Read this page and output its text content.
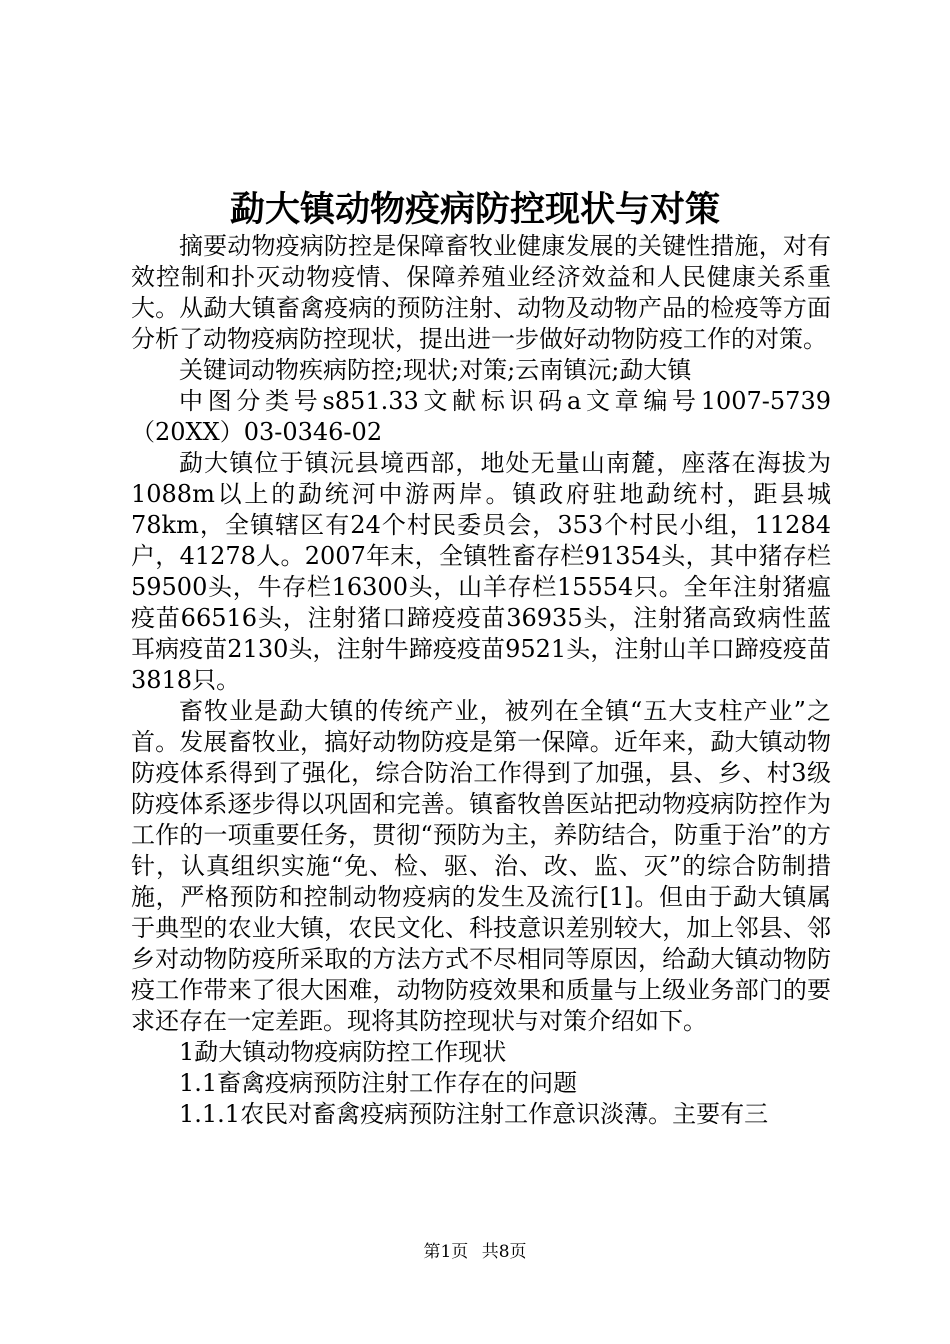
勐大镇动物疫病防控现状与对策

摘要动物疫病防控是保障畜牧业健康发展的关键性措施，对有效控制和扑灭动物疫情、保障养殖业经济效益和人民健康关系重大。从勐大镇畜禽疫病的预防注射、动物及动物产品的检疫等方面分析了动物疫病防控现状，提出进一步做好动物防疫工作的对策。

关键词动物疾病防控;现状;对策;云南镇沅;勐大镇

中图分类号s851.33文献标识码a文章编号1007-5739（20XX）03-0346-02

勐大镇位于镇沅县境西部，地处无量山南麓，座落在海拔为1088m以上的勐统河中游两岸。镇政府驻地勐统村，距县城78km，全镇辖区有24个村民委员会，353个村民小组，11284户，41278人。2007年末，全镇牲畜存栏91354头，其中猪存栏59500头，牛存栏16300头，山羊存栏15554只。全年注射猪瘟疫苗66516头，注射猪口蹄疫疫苗36935头，注射猪高致病性蓝耳病疫苗2130头，注射牛蹄疫疫苗9521头，注射山羊口蹄疫疫苗3818只。

畜牧业是勐大镇的传统产业，被列在全镇“五大支柱产业”之首。发展畜牧业，搞好动物防疫是第一保障。近年来，勐大镇动物防疫体系得到了强化，综合防治工作得到了加强，县、乡、村3级防疫体系逐步得以巩固和完善。镇畜牧兽医站把动物疫病防控作为工作的一项重要任务，贯彻“预防为主，养防结合，防重于治”的方针，认真组织实施“免、检、驱、治、改、监、灭”的综合防制措施，严格预防和控制动物疫病的发生及流行[1]。但由于勐大镇属于典型的农业大镇，农民文化、科技意识差别较大，加上邻县、邻乡对动物防疫所采取的方法方式不尽相同等原因，给勐大镇动物防疫工作带来了很大困难，动物防疫效果和质量与上级业务部门的要求还存在一定差距。现将其防控现状与对策介绍如下。

1勐大镇动物疫病防控工作现状

1.1畜禽疫病预防注射工作存在的问题

1.1.1农民对畜禽疫病预防注射工作意识淡薄。主要有三

第1页 共8页
